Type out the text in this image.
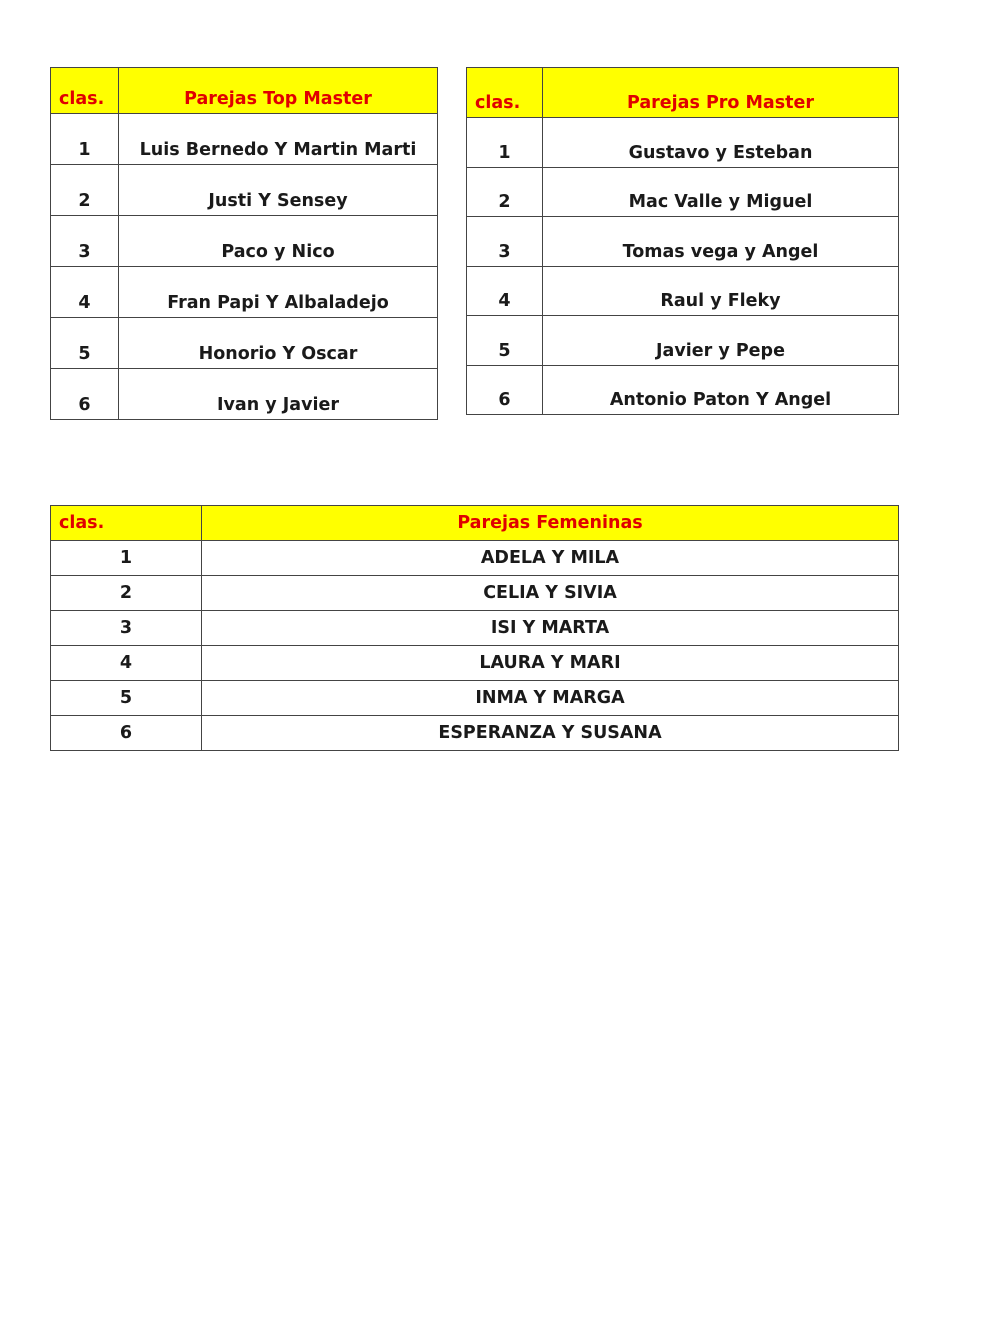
clas.	Parejas Top Master
1	Luis Bernedo Y Martin Marti
2	Justi Y Sensey
3	Paco y Nico
4	Fran Papi Y Albaladejo
5	Honorio Y Oscar
6	Ivan y Javier
clas.	Parejas Pro Master
1	Gustavo y Esteban
2	Mac Valle y Miguel
3	Tomas vega y Angel
4	Raul y Fleky
5	Javier y Pepe
6	Antonio Paton Y Angel
clas.	Parejas Femeninas
1	ADELA Y MILA
2	CELIA Y SIVIA
3	ISI Y MARTA
4	LAURA Y MARI
5	INMA Y MARGA
6	ESPERANZA Y SUSANA
